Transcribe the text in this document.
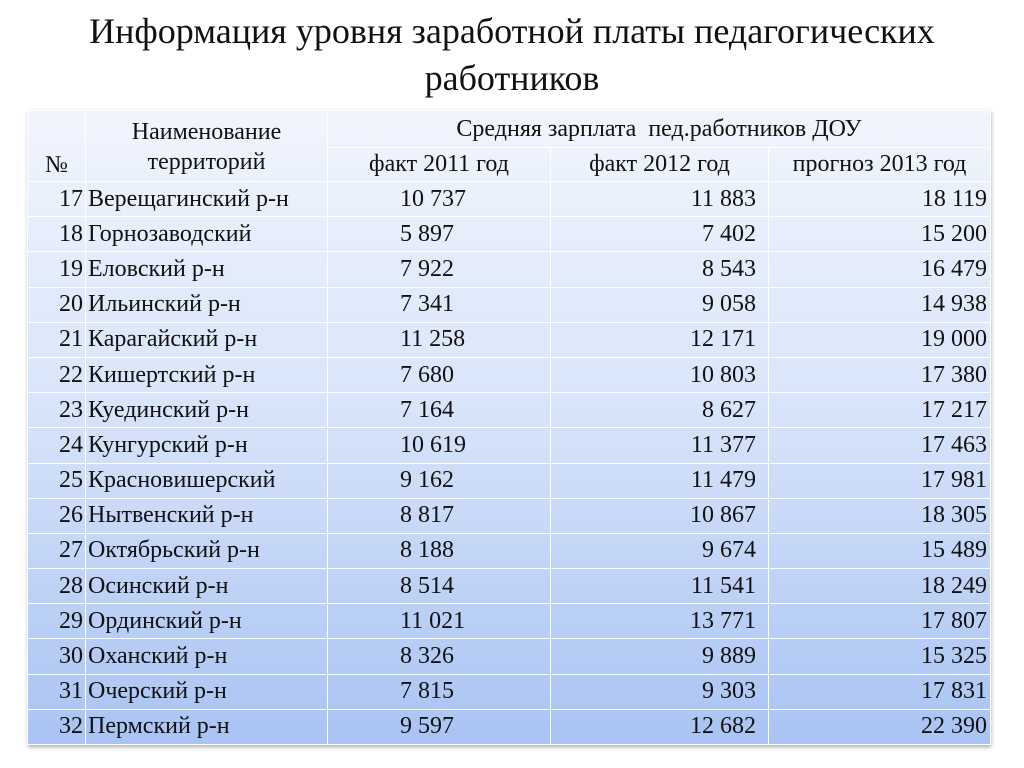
Информация уровня заработной платы педагогических работников
№	Наименование территорий	Средняя зарплата  пед.работников ДОУ		
		факт 2011 год	факт 2012 год	прогноз 2013 год
17	Верещагинский р-н	10 737	11 883	18 119
18	Горнозаводский	5 897	7 402	15 200
19	Еловский р-н	7 922	8 543	16 479
20	Ильинский р-н	7 341	9 058	14 938
21	Карагайский р-н	11 258	12 171	19 000
22	Кишертский р-н	7 680	10 803	17 380
23	Куединский р-н	7 164	8 627	17 217
24	Кунгурский р-н	10 619	11 377	17 463
25	Красновишерский	9 162	11 479	17 981
26	Нытвенский р-н	8 817	10 867	18 305
27	Октябрьский р-н	8 188	9 674	15 489
28	Осинский р-н	8 514	11 541	18 249
29	Ординский р-н	11 021	13 771	17 807
30	Оханский р-н	8 326	9 889	15 325
31	Очерский р-н	7 815	9 303	17 831
32	Пермский р-н	9 597	12 682	22 390
